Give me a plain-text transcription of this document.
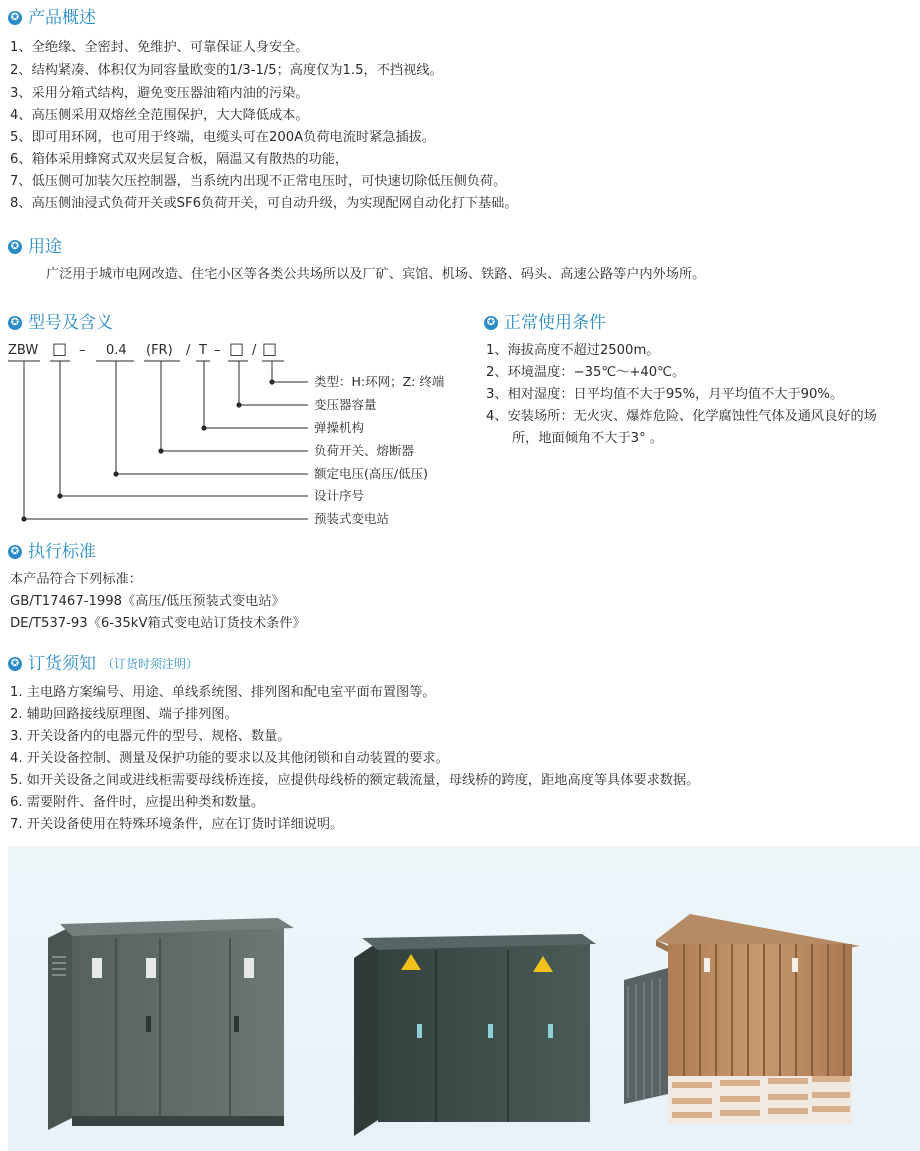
✪ 产品概述
1、全绝缘、全密封、免维护、可靠保证人身安全。
2、结构紧凑、体积仅为同容量欧变的1/3-1/5；高度仅为1.5，不挡视线。
3、采用分箱式结构，避免变压器油箱内油的污染。
4、高压侧采用双熔丝全范围保护，大大降低成本。
5、即可用环网，也可用于终端，电缆头可在200A负荷电流时紧急插拔。
6、箱体采用蜂窝式双夹层复合板，隔温又有散热的功能，
7、低压侧可加装欠压控制器，当系统内出现不正常电压时，可快速切除低压侧负荷。
8、高压侧油浸式负荷开关或SF6负荷开关，可自动升级，为实现配网自动化打下基础。
✪ 用途
广泛用于城市电网改造、住宅小区等各类公共场所以及厂矿、宾馆、机场、铁路、码头、高速公路等户内外场所。
✪ 型号及含义
ZBW □ – 0.4 (FR) / T – □ / □
类型：H:环网；Z: 终端
变压器容量
弹操机构
负荷开关、熔断器
额定电压(高压/低压)
设计序号
预装式变电站
✪ 正常使用条件
1、海拔高度不超过2500m。
2、环境温度：−35℃～+40℃。
3、相对湿度：日平均值不大于95%，月平均值不大于90%。
4、安装场所：无火灾、爆炸危险、化学腐蚀性气体及通风良好的场
所，地面倾角不大于3° 。
✪ 执行标准
本产品符合下列标准：
GB/T17467-1998《高压/低压预装式变电站》
DE/T537-93《6-35kV箱式变电站订货技术条件》
✪ 订货须知 （订货时须注明）
1. 主电路方案编号、用途、单线系统图、排列图和配电室平面布置图等。
2. 辅助回路接线原理图、端子排列图。
3. 开关设备内的电器元件的型号、规格、数量。
4. 开关设备控制、测量及保护功能的要求以及其他闭锁和自动装置的要求。
5. 如开关设备之间或进线柜需要母线桥连接，应提供母线桥的额定载流量，母线桥的跨度，距地高度等具体要求数据。
6. 需要附件、备件时，应提出种类和数量。
7. 开关设备使用在特殊环境条件，应在订货时详细说明。
